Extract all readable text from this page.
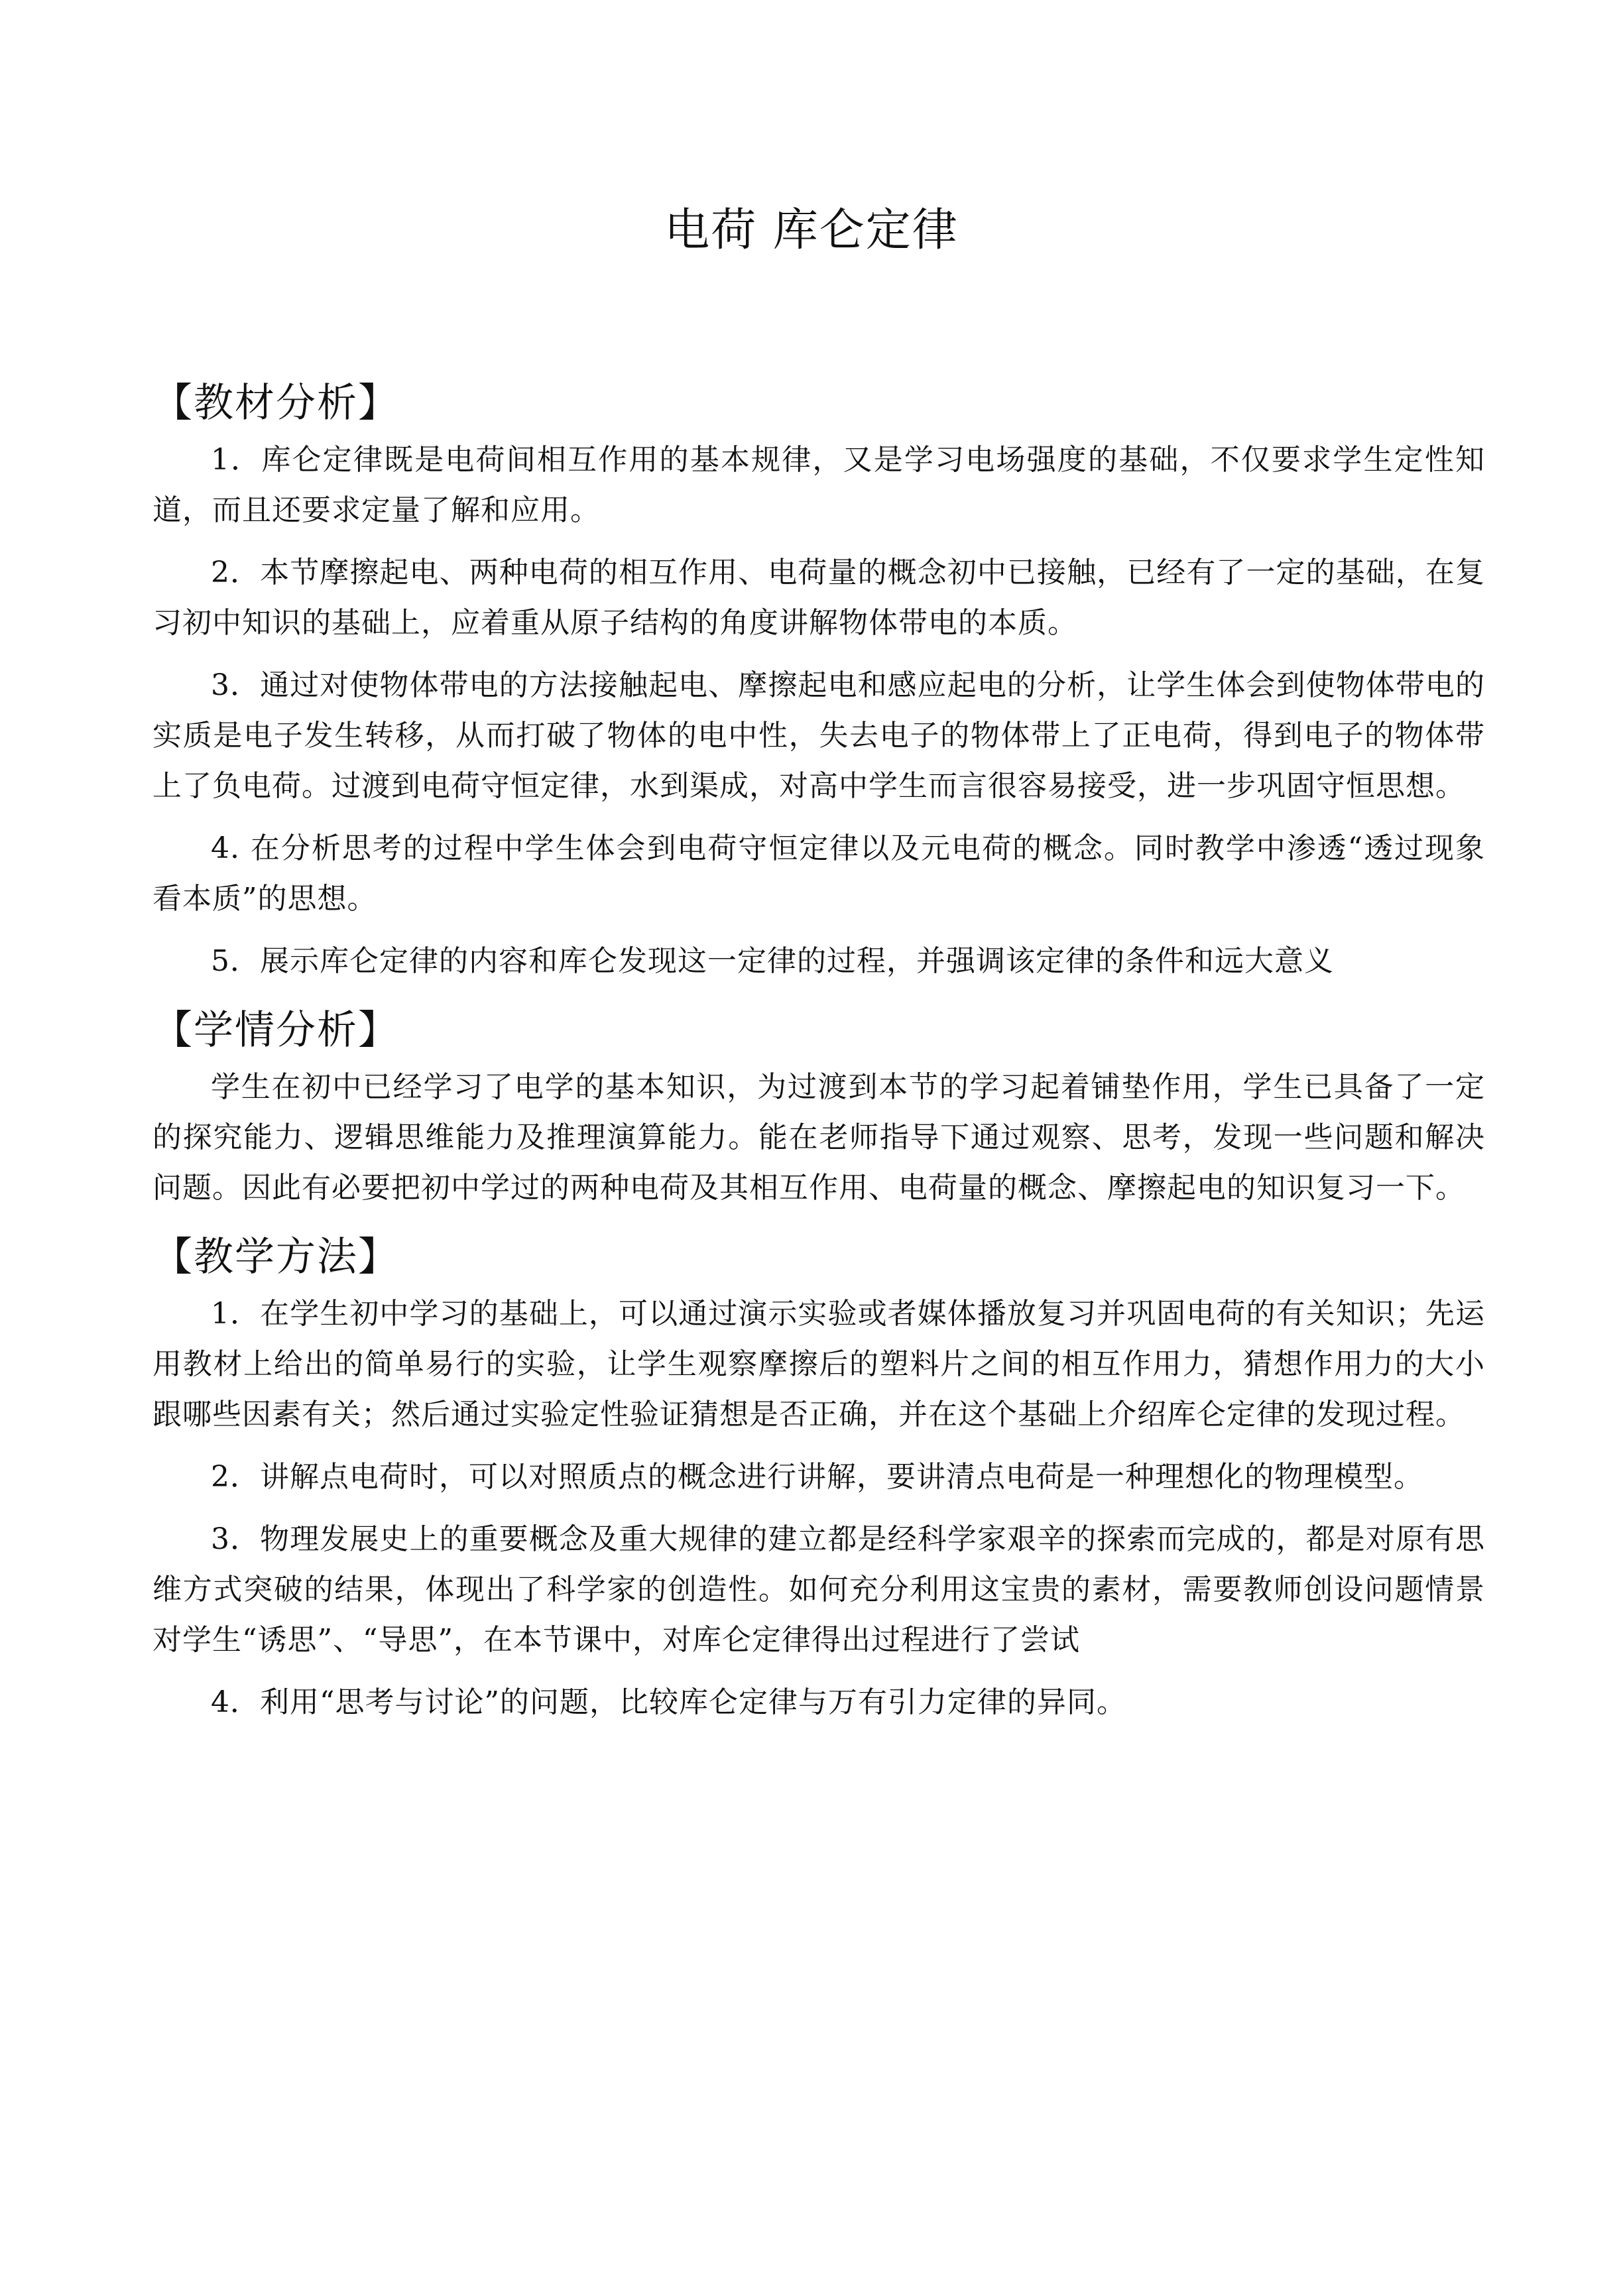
电荷 库仑定律
【教材分析】

1．库仑定律既是电荷间相互作用的基本规律，又是学习电场强度的基础，不仅要求学生定性知道，而且还要求定量了解和应用。

2．本节摩擦起电、两种电荷的相互作用、电荷量的概念初中已接触，已经有了一定的基础，在复习初中知识的基础上，应着重从原子结构的角度讲解物体带电的本质。

3．通过对使物体带电的方法接触起电、摩擦起电和感应起电的分析，让学生体会到使物体带电的实质是电子发生转移，从而打破了物体的电中性，失去电子的物体带上了正电荷，得到电子的物体带上了负电荷。过渡到电荷守恒定律，水到渠成，对高中学生而言很容易接受，进一步巩固守恒思想。

4. 在分析思考的过程中学生体会到电荷守恒定律以及元电荷的概念。同时教学中渗透“透过现象看本质”的思想。

5．展示库仑定律的内容和库仑发现这一定律的过程，并强调该定律的条件和远大意义

【学情分析】

学生在初中已经学习了电学的基本知识，为过渡到本节的学习起着铺垫作用，学生已具备了一定的探究能力、逻辑思维能力及推理演算能力。能在老师指导下通过观察、思考，发现一些问题和解决问题。因此有必要把初中学过的两种电荷及其相互作用、电荷量的概念、摩擦起电的知识复习一下。

【教学方法】

1．在学生初中学习的基础上，可以通过演示实验或者媒体播放复习并巩固电荷的有关知识；先运用教材上给出的简单易行的实验，让学生观察摩擦后的塑料片之间的相互作用力，猜想作用力的大小跟哪些因素有关；然后通过实验定性验证猜想是否正确，并在这个基础上介绍库仑定律的发现过程。

2．讲解点电荷时，可以对照质点的概念进行讲解，要讲清点电荷是一种理想化的物理模型。

3．物理发展史上的重要概念及重大规律的建立都是经科学家艰辛的探索而完成的，都是对原有思维方式突破的结果，体现出了科学家的创造性。如何充分利用这宝贵的素材，需要教师创设问题情景对学生“诱思”、“导思”，在本节课中，对库仑定律得出过程进行了尝试

4．利用“思考与讨论”的问题，比较库仑定律与万有引力定律的异同。
